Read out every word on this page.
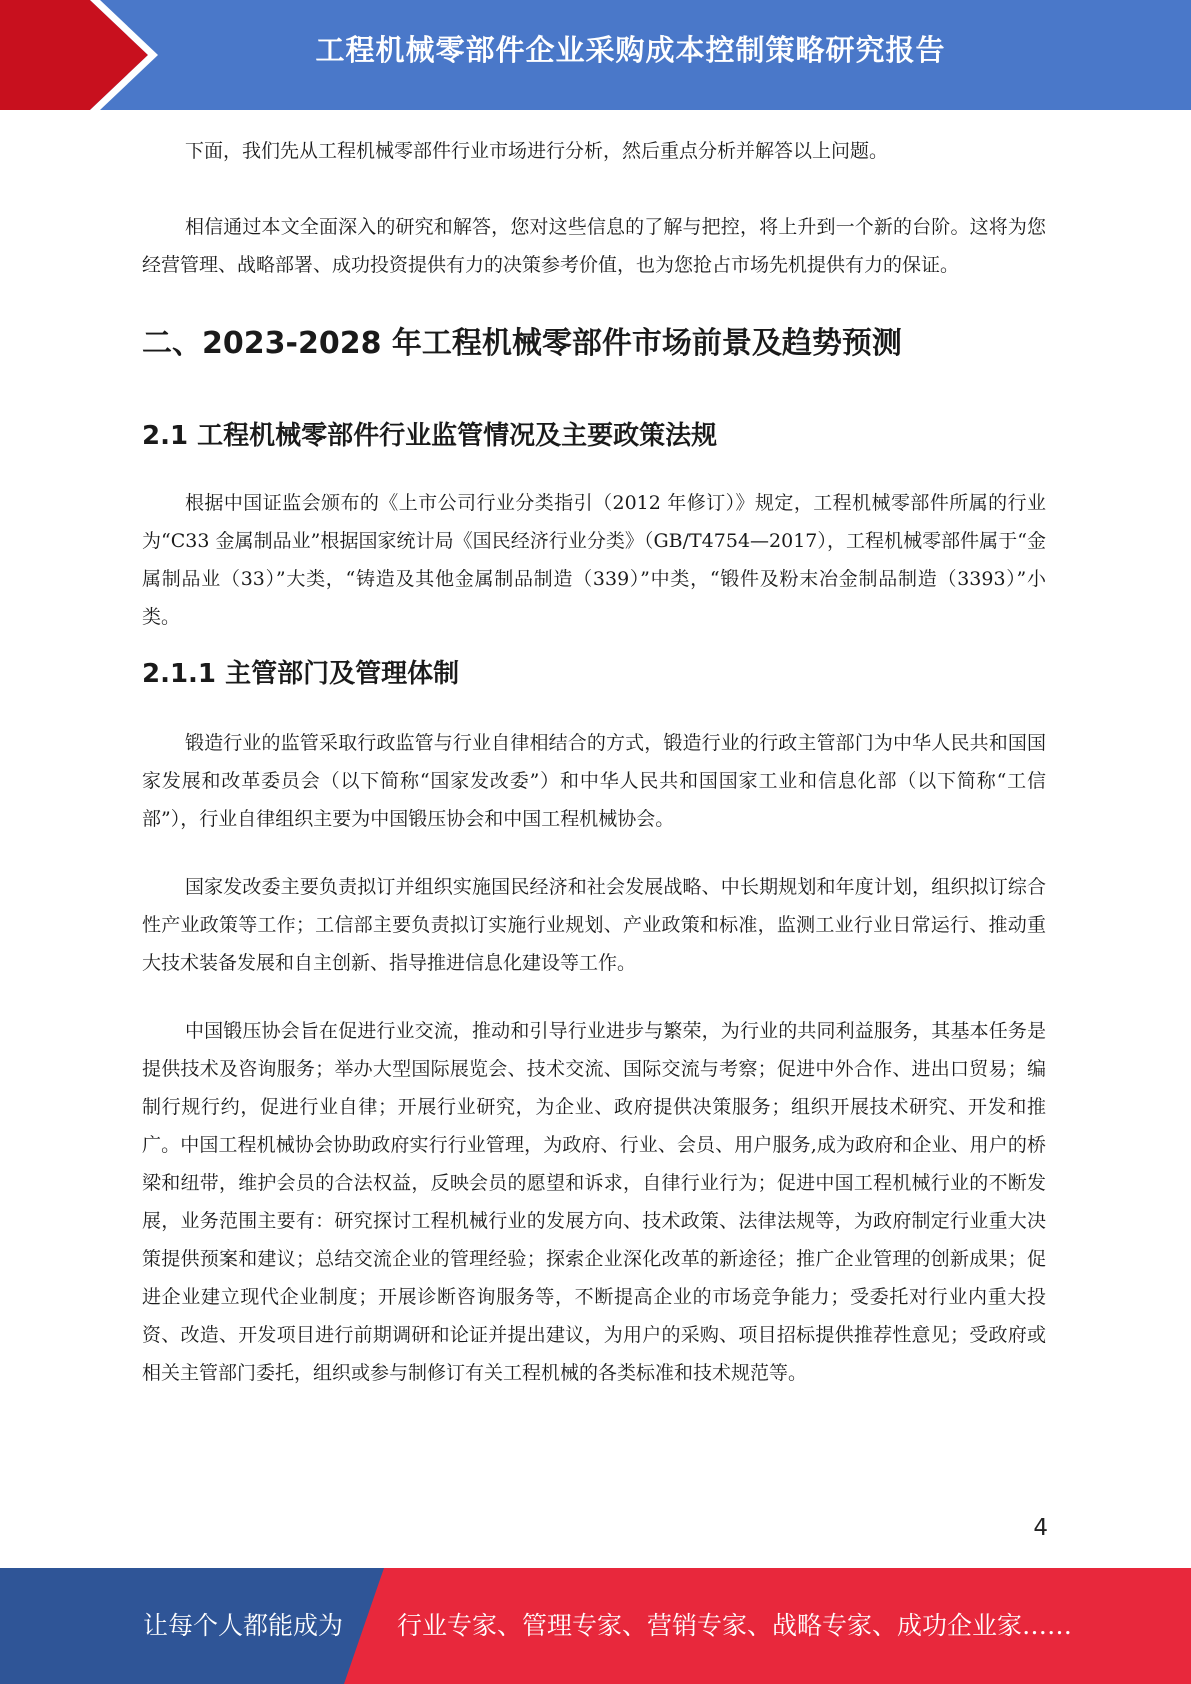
工程机械零部件企业采购成本控制策略研究报告

下面，我们先从工程机械零部件行业市场进行分析，然后重点分析并解答以上问题。

相信通过本文全面深入的研究和解答，您对这些信息的了解与把控，将上升到一个新的台阶。这将为您经营管理、战略部署、成功投资提供有力的决策参考价值，也为您抢占市场先机提供有力的保证。

二、2023-2028 年工程机械零部件市场前景及趋势预测
2.1 工程机械零部件行业监管情况及主要政策法规

根据中国证监会颁布的《上市公司行业分类指引（2012 年修订）》规定，工程机械零部件所属的行业为“C33 金属制品业”根据国家统计局《国民经济行业分类》（GB/T4754—2017），工程机械零部件属于“金属制品业（33）”大类，“铸造及其他金属制品制造（339）”中类，“锻件及粉末冶金制品制造（3393）”小类。

2.1.1 主管部门及管理体制

锻造行业的监管采取行政监管与行业自律相结合的方式，锻造行业的行政主管部门为中华人民共和国国家发展和改革委员会（以下简称“国家发改委”）和中华人民共和国国家工业和信息化部（以下简称“工信部”），行业自律组织主要为中国锻压协会和中国工程机械协会。

国家发改委主要负责拟订并组织实施国民经济和社会发展战略、中长期规划和年度计划，组织拟订综合性产业政策等工作；工信部主要负责拟订实施行业规划、产业政策和标准，监测工业行业日常运行、推动重大技术装备发展和自主创新、指导推进信息化建设等工作。

中国锻压协会旨在促进行业交流，推动和引导行业进步与繁荣，为行业的共同利益服务，其基本任务是提供技术及咨询服务；举办大型国际展览会、技术交流、国际交流与考察；促进中外合作、进出口贸易；编制行规行约，促进行业自律；开展行业研究，为企业、政府提供决策服务；组织开展技术研究、开发和推广。中国工程机械协会协助政府实行行业管理，为政府、行业、会员、用户服务,成为政府和企业、用户的桥梁和纽带，维护会员的合法权益，反映会员的愿望和诉求，自律行业行为；促进中国工程机械行业的不断发展，业务范围主要有：研究探讨工程机械行业的发展方向、技术政策、法律法规等，为政府制定行业重大决策提供预案和建议；总结交流企业的管理经验；探索企业深化改革的新途径；推广企业管理的创新成果；促进企业建立现代企业制度；开展诊断咨询服务等，不断提高企业的市场竞争能力；受委托对行业内重大投资、改造、开发项目进行前期调研和论证并提出建议，为用户的采购、项目招标提供推荐性意见；受政府或相关主管部门委托，组织或参与制修订有关工程机械的各类标准和技术规范等。

4
让每个人都能成为 行业专家、管理专家、营销专家、战略专家、成功企业家……
